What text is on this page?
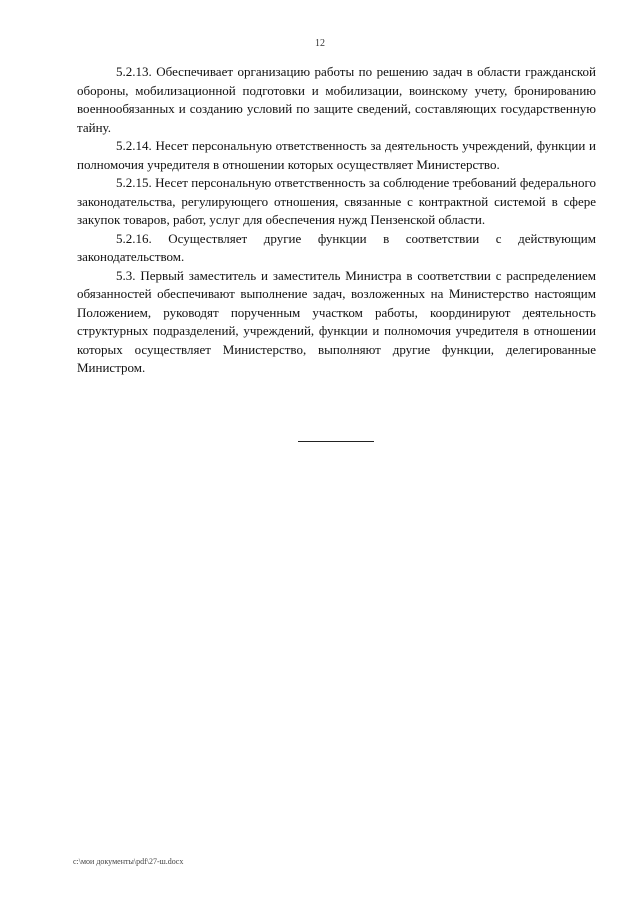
12

5.2.13. Обеспечивает организацию работы по решению задач в области гражданской обороны, мобилизационной подготовки и мобилизации, воинскому учету, бронированию военнообязанных и созданию условий по защите сведений, составляющих государственную тайну.

5.2.14. Несет персональную ответственность за деятельность учреждений, функции и полномочия учредителя в отношении которых осуществляет Министерство.

5.2.15. Несет персональную ответственность за соблюдение требований федерального законодательства, регулирующего отношения, связанные с контрактной системой в сфере закупок товаров, работ, услуг для обеспечения нужд Пензенской области.

5.2.16. Осуществляет другие функции в соответствии с действующим законодательством.

5.3. Первый заместитель и заместитель Министра в соответствии с распределением обязанностей обеспечивают выполнение задач, возложенных на Министерство настоящим Положением, руководят порученным участком работы, координируют деятельность структурных подразделений, учреждений, функции и полномочия учредителя в отношении которых осуществляет Министерство, выполняют другие функции, делегированные Министром.

c:\мои документы\pdf\27-ш.docx
